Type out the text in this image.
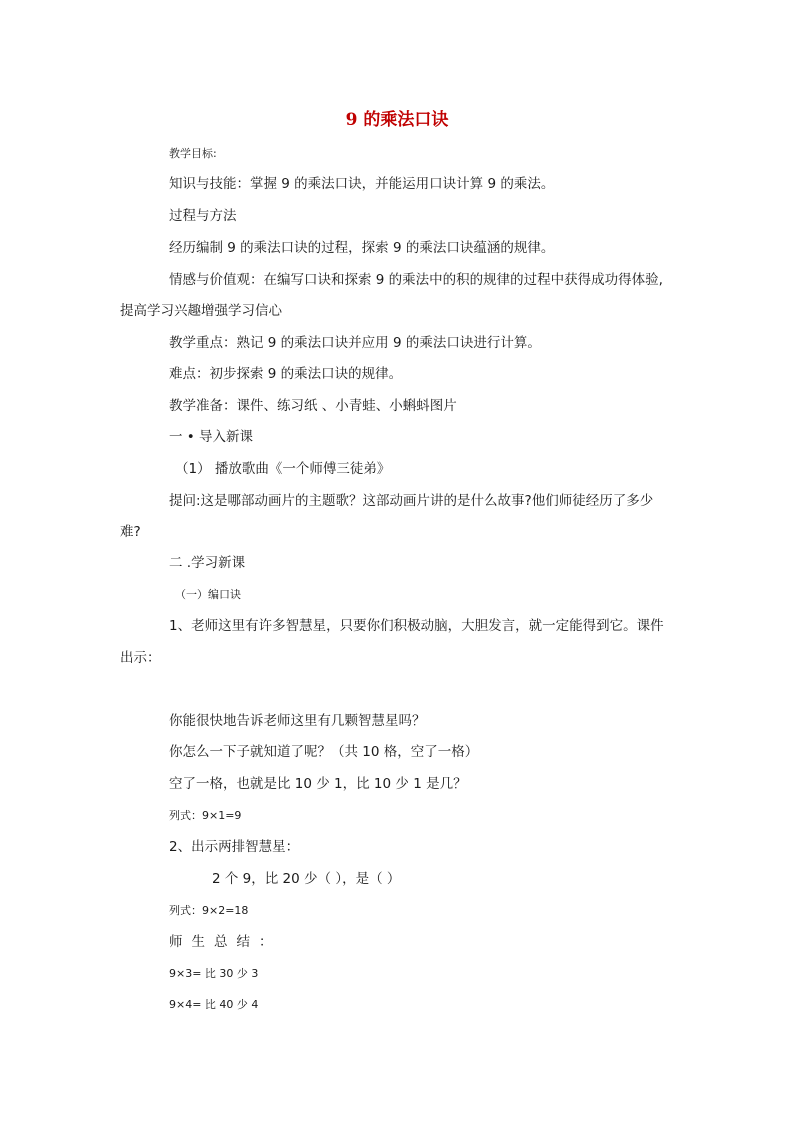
9 的乘法口诀
教学目标:
知识与技能：掌握 9 的乘法口诀，并能运用口诀计算 9 的乘法。
过程与方法
经历编制 9 的乘法口诀的过程，探索 9 的乘法口诀蕴涵的规律。
情感与价值观：在编写口诀和探索 9 的乘法中的积的规律的过程中获得成功得体验,
提高学习兴趣增强学习信心
教学重点：熟记 9 的乘法口诀并应用 9 的乘法口诀进行计算。
难点：初步探索 9 的乘法口诀的规律。
教学准备：课件、练习纸 、小青蛙、小蝌蚪图片
一 • 导入新课
（1） 播放歌曲《一个师傅三徒弟》
提问:这是哪部动画片的主题歌？这部动画片讲的是什么故事?他们师徒经历了多少
难?
二 .学习新课
（一）编口诀
1、老师这里有许多智慧星，只要你们积极动脑，大胆发言，就一定能得到它。课件
出示：
你能很快地告诉老师这里有几颗智慧星吗？
你怎么一下子就知道了呢？（共 10 格，空了一格）
空了一格，也就是比 10 少 1，比 10 少 1 是几？
列式：9×1=9
2、出示两排智慧星：
2 个 9，比 20 少（ ），是（ ）
列式：9×2=18
师生总结：
9×3= 比 30 少 3
9×4= 比 40 少 4
